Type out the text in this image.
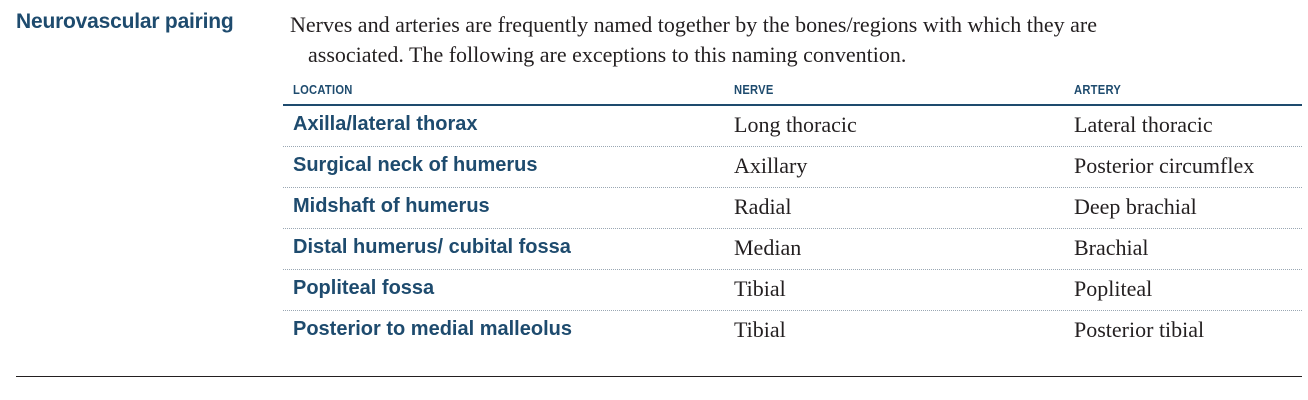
Neurovascular pairing	Nerves and arteries are frequently named together by the bones/regions with which they are
associated. The following are exceptions to this naming convention.
LOCATION	NERVE	ARTERY
Axilla/lateral thorax	Long thoracic	Lateral thoracic
Surgical neck of humerus	Axillary	Posterior circumflex
Midshaft of humerus	Radial	Deep brachial
Distal humerus/ cubital fossa	Median	Brachial
Popliteal fossa	Tibial	Popliteal
Posterior to medial malleolus	Tibial	Posterior tibial
